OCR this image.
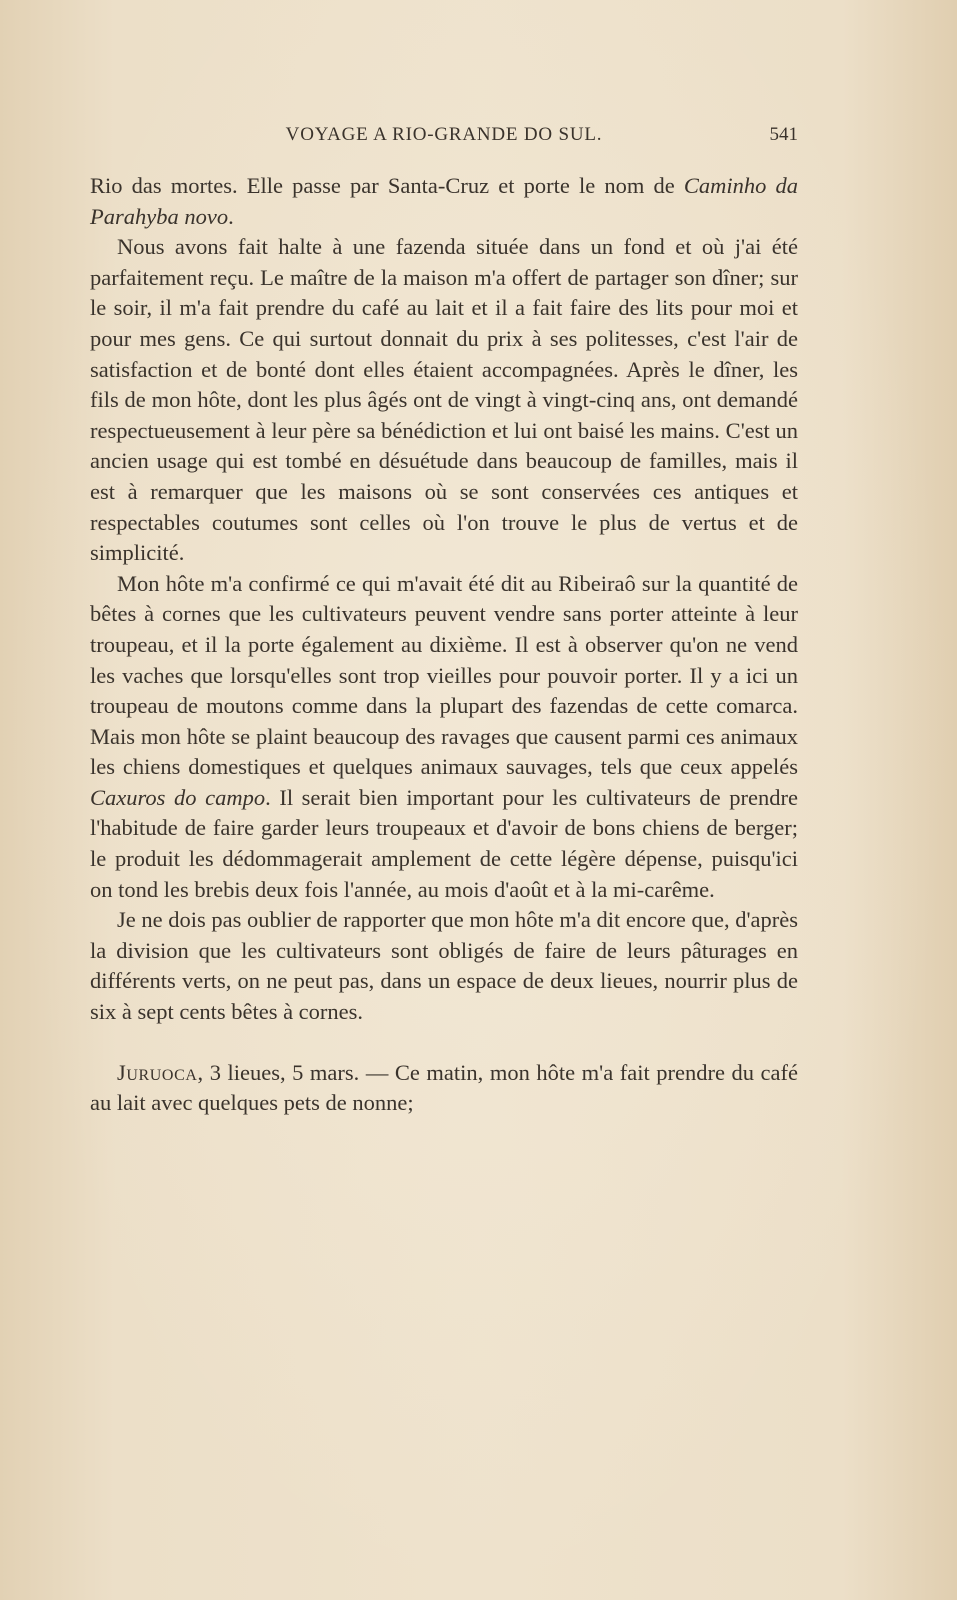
VOYAGE A RIO-GRANDE DO SUL.	541

Rio das mortes. Elle passe par Santa-Cruz et porte le nom de Caminho da Parahyba novo.

Nous avons fait halte à une fazenda située dans un fond et où j'ai été parfaitement reçu. Le maître de la maison m'a offert de partager son dîner; sur le soir, il m'a fait prendre du café au lait et il a fait faire des lits pour moi et pour mes gens. Ce qui surtout donnait du prix à ses politesses, c'est l'air de satisfaction et de bonté dont elles étaient accompagnées. Après le dîner, les fils de mon hôte, dont les plus âgés ont de vingt à vingt-cinq ans, ont demandé respectueusement à leur père sa bénédiction et lui ont baisé les mains. C'est un ancien usage qui est tombé en désuétude dans beaucoup de familles, mais il est à remarquer que les maisons où se sont conservées ces antiques et respectables coutumes sont celles où l'on trouve le plus de vertus et de simplicité.

Mon hôte m'a confirmé ce qui m'avait été dit au Ribeiraô sur la quantité de bêtes à cornes que les cultivateurs peuvent vendre sans porter atteinte à leur troupeau, et il la porte également au dixième. Il est à observer qu'on ne vend les vaches que lorsqu'elles sont trop vieilles pour pouvoir porter. Il y a ici un troupeau de moutons comme dans la plupart des fazendas de cette comarca. Mais mon hôte se plaint beaucoup des ravages que causent parmi ces animaux les chiens domestiques et quelques animaux sauvages, tels que ceux appelés Caxuros do campo. Il serait bien important pour les cultivateurs de prendre l'habitude de faire garder leurs troupeaux et d'avoir de bons chiens de berger; le produit les dédommagerait amplement de cette légère dépense, puisqu'ici on tond les brebis deux fois l'année, au mois d'août et à la mi-carême.

Je ne dois pas oublier de rapporter que mon hôte m'a dit encore que, d'après la division que les cultivateurs sont obligés de faire de leurs pâturages en différents verts, on ne peut pas, dans un espace de deux lieues, nourrir plus de six à sept cents bêtes à cornes.

Juruoca, 3 lieues, 5 mars. — Ce matin, mon hôte m'a fait prendre du café au lait avec quelques pets de nonne;
